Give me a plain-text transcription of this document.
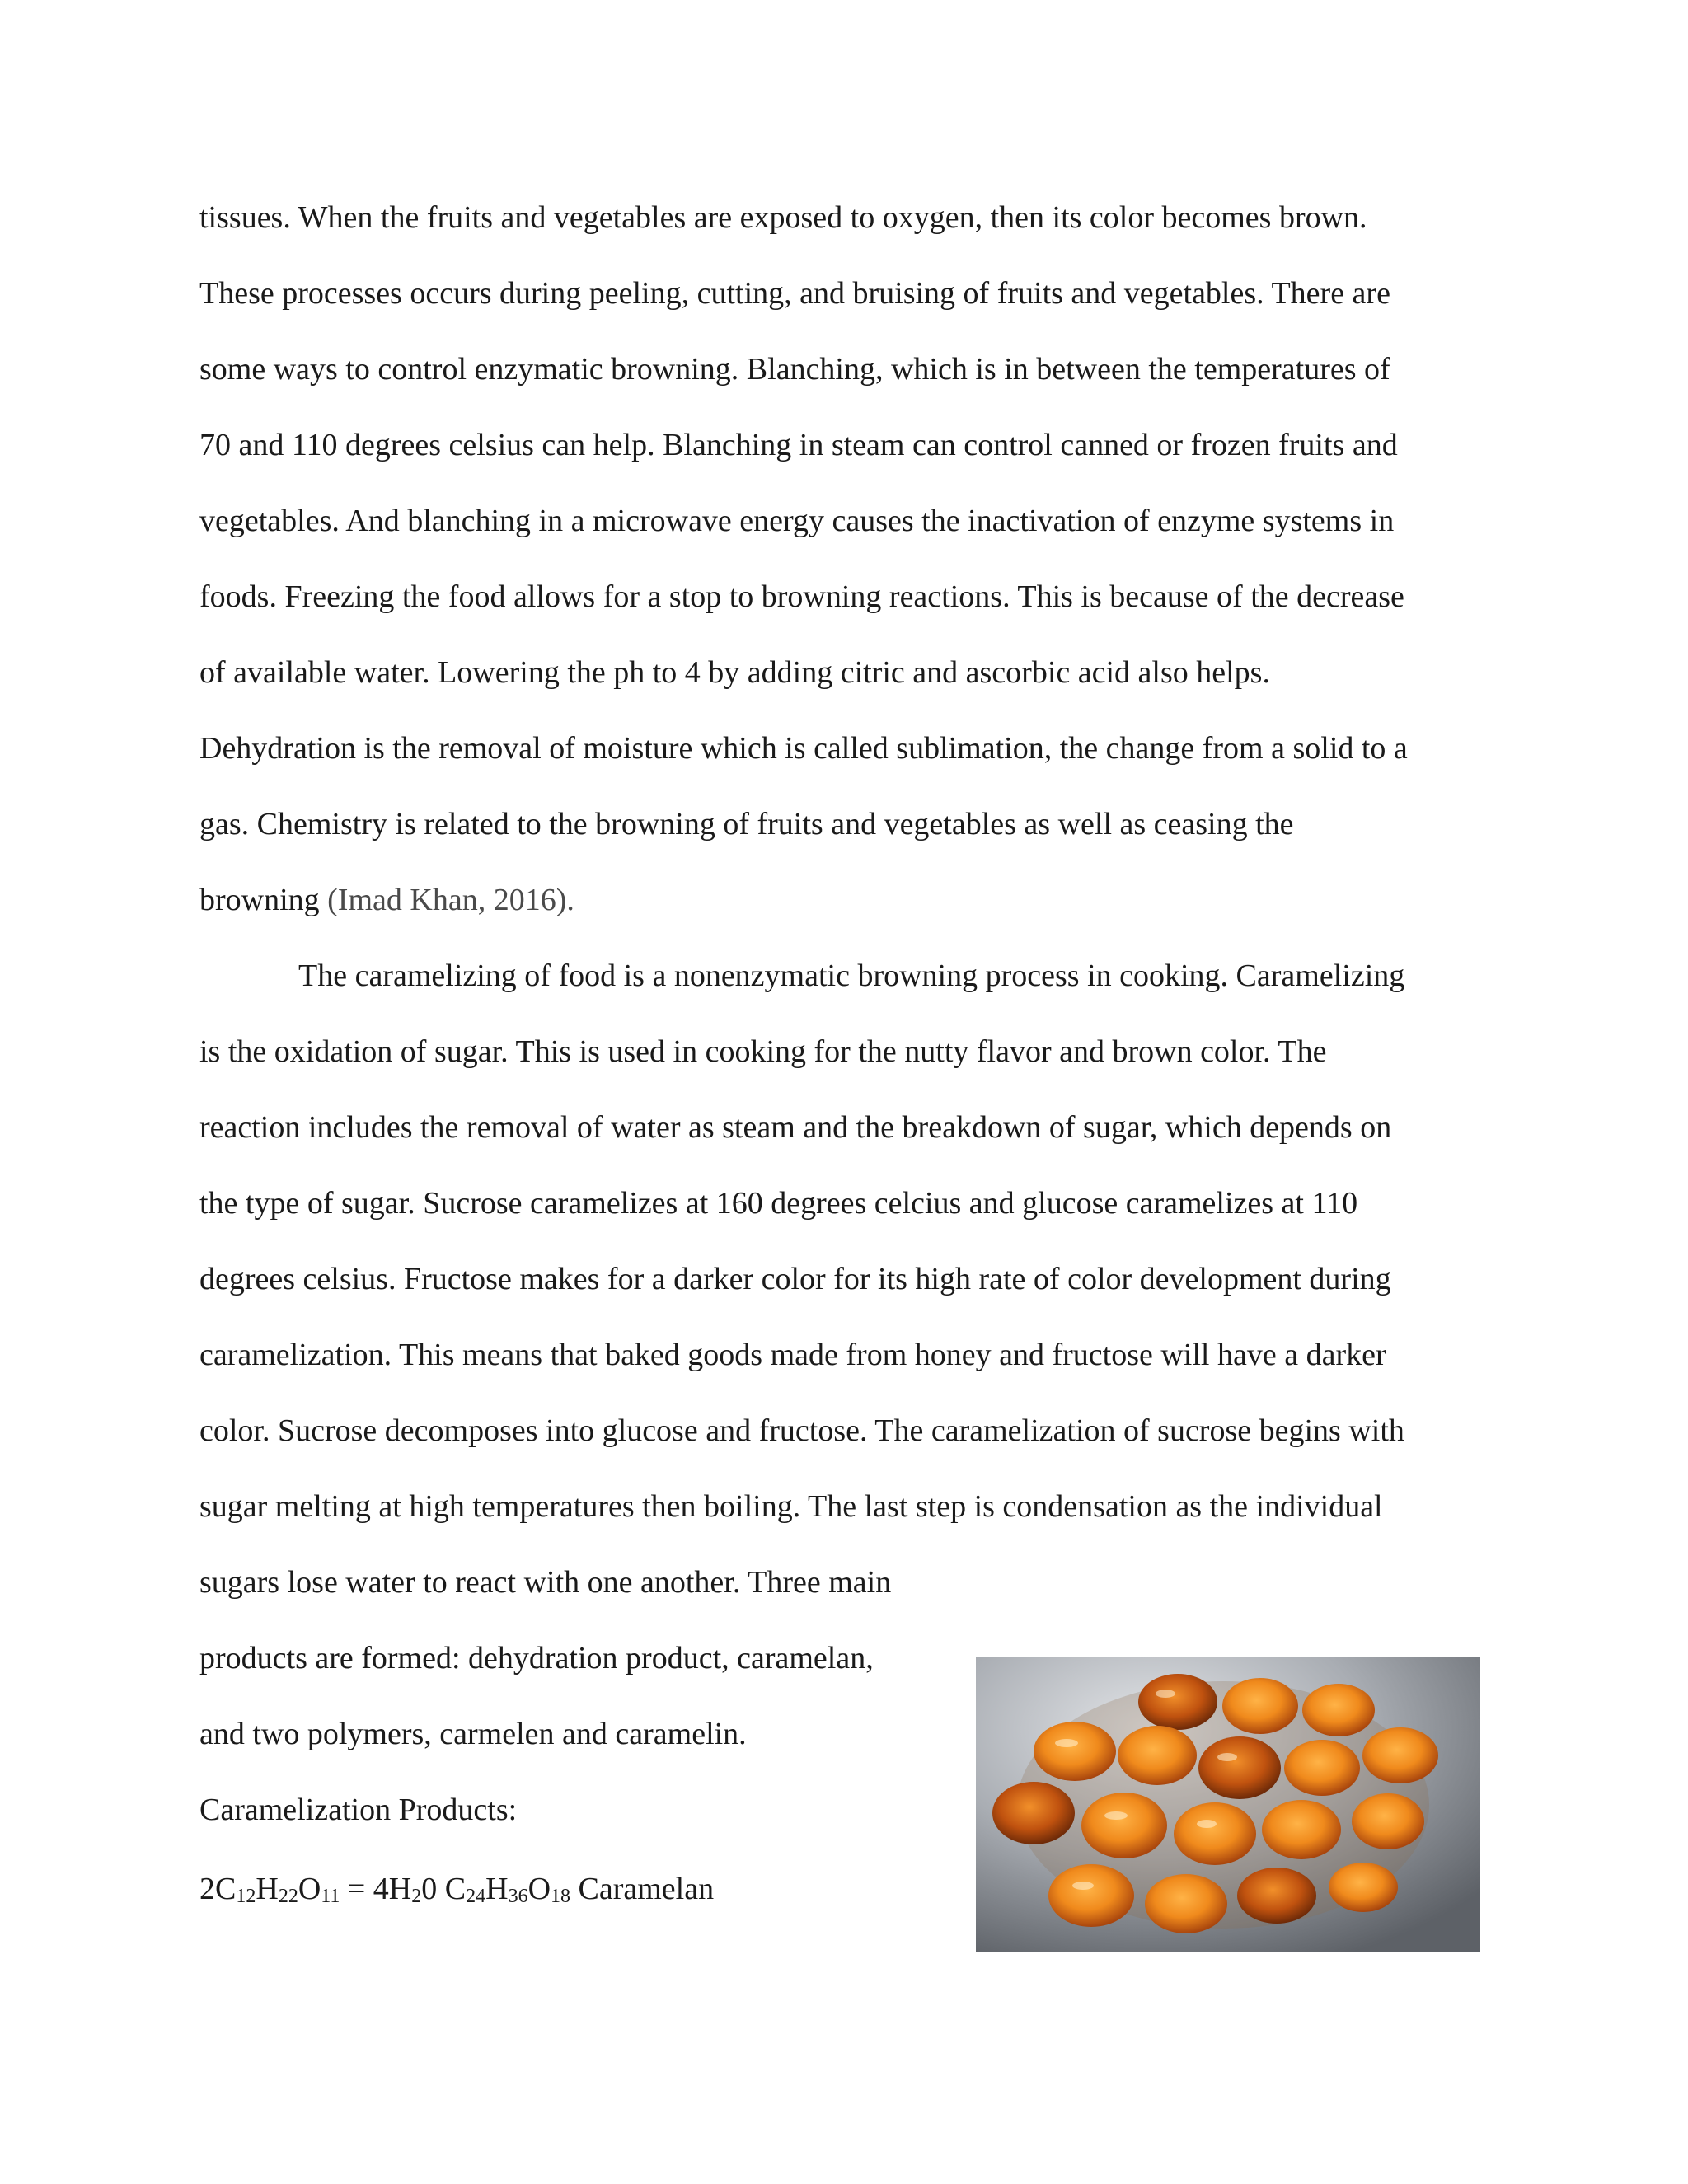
tissues. When the fruits and vegetables are exposed to oxygen, then its color becomes brown.
These processes occurs during peeling, cutting, and bruising of fruits and vegetables. There are
some ways to control enzymatic browning. Blanching, which is in between the temperatures of
70 and 110 degrees celsius can help. Blanching in steam can control canned or frozen fruits and
vegetables. And blanching in a microwave energy causes the inactivation of enzyme systems in
foods. Freezing the food allows for a stop to browning reactions. This is because of the decrease
of available water. Lowering the ph to 4 by adding citric and ascorbic acid also helps.
Dehydration is the removal of moisture which is called sublimation, the change from a solid to a
gas. Chemistry is related to the browning of fruits and vegetables as well as ceasing the
browning (Imad Khan, 2016).
The caramelizing of food is a nonenzymatic browning process in cooking. Caramelizing
is the oxidation of sugar. This is used in cooking for the nutty flavor and brown color. The
reaction includes the removal of water as steam and the breakdown of sugar, which depends on
the type of sugar. Sucrose caramelizes at 160 degrees celcius and glucose caramelizes at 110
degrees celsius. Fructose makes for a darker color for its high rate of color development during
caramelization. This means that baked goods made from honey and fructose will have a darker
color. Sucrose decomposes into glucose and fructose. The caramelization of sucrose begins with
sugar melting at high temperatures then boiling. The last step is condensation as the individual
sugars lose water to react with one another. Three main
products are formed: dehydration product, caramelan,
and two polymers, carmelen and caramelin.
Caramelization Products:
$2C_{12}H_{22}O_{11} = 4H_20$ $C_{24}H_{36}O_{18}$ Caramelan
